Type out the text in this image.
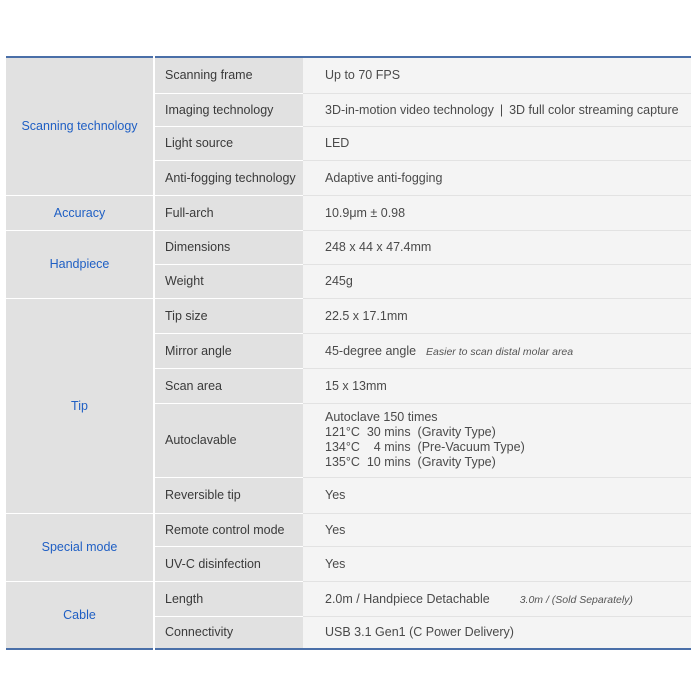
Scanning technology	Scanning frame	Up to 70 FPS
	Imaging technology	3D-in-motion video technology | 3D full color streaming capture
	Light source	LED
	Anti-fogging technology	Adaptive anti-fogging
Accuracy	Full-arch	10.9μm ± 0.98
Handpiece	Dimensions	248 x 44 x 47.4mm
	Weight	245g
Tip	Tip size	22.5 x 17.1mm
	Mirror angle	45-degree angle Easier to scan distal molar area
	Scan area	15 x 13mm
	Autoclavable	Autoclave 150 times
121°C  30 mins  (Gravity Type)
134°C    4 mins  (Pre-Vacuum Type)
135°C  10 mins  (Gravity Type)

	Reversible tip	Yes
Special mode	Remote control mode	Yes
	UV-C disinfection	Yes
Cable	Length	2.0m / Handpiece Detachable 3.0m / (Sold Separately)
	Connectivity	USB 3.1 Gen1 (C Power Delivery)
